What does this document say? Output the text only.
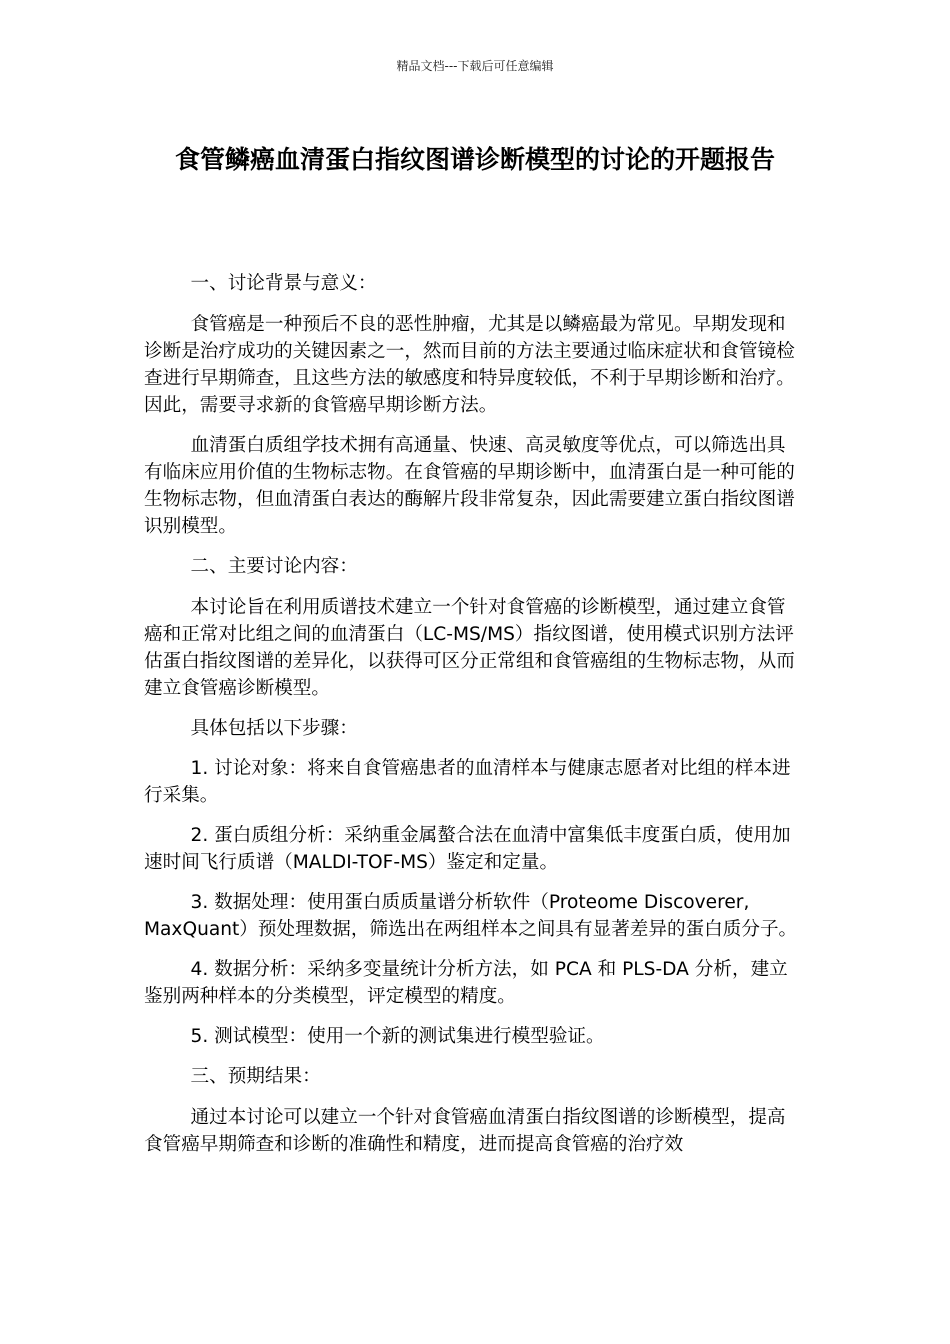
精品文档---下载后可任意编辑
食管鳞癌血清蛋白指纹图谱诊断模型的讨论的开题报告

一、讨论背景与意义：

食管癌是一种预后不良的恶性肿瘤，尤其是以鳞癌最为常见。早期发现和诊断是治疗成功的关键因素之一，然而目前的方法主要通过临床症状和食管镜检查进行早期筛查，且这些方法的敏感度和特异度较低，不利于早期诊断和治疗。因此，需要寻求新的食管癌早期诊断方法。

血清蛋白质组学技术拥有高通量、快速、高灵敏度等优点，可以筛选出具有临床应用价值的生物标志物。在食管癌的早期诊断中，血清蛋白是一种可能的生物标志物，但血清蛋白表达的酶解片段非常复杂，因此需要建立蛋白指纹图谱识别模型。

二、主要讨论内容：

本讨论旨在利用质谱技术建立一个针对食管癌的诊断模型，通过建立食管癌和正常对比组之间的血清蛋白（LC-MS/MS）指纹图谱，使用模式识别方法评估蛋白指纹图谱的差异化，以获得可区分正常组和食管癌组的生物标志物，从而建立食管癌诊断模型。

具体包括以下步骤：

1. 讨论对象：将来自食管癌患者的血清样本与健康志愿者对比组的样本进行采集。

2. 蛋白质组分析：采纳重金属螯合法在血清中富集低丰度蛋白质，使用加速时间飞行质谱（MALDI-TOF-MS）鉴定和定量。

3. 数据处理：使用蛋白质质量谱分析软件（Proteome Discoverer, MaxQuant）预处理数据，筛选出在两组样本之间具有显著差异的蛋白质分子。

4. 数据分析：采纳多变量统计分析方法，如 PCA 和 PLS-DA 分析，建立鉴别两种样本的分类模型，评定模型的精度。

5. 测试模型：使用一个新的测试集进行模型验证。

三、预期结果：

通过本讨论可以建立一个针对食管癌血清蛋白指纹图谱的诊断模型，提高食管癌早期筛查和诊断的准确性和精度，进而提高食管癌的治疗效
